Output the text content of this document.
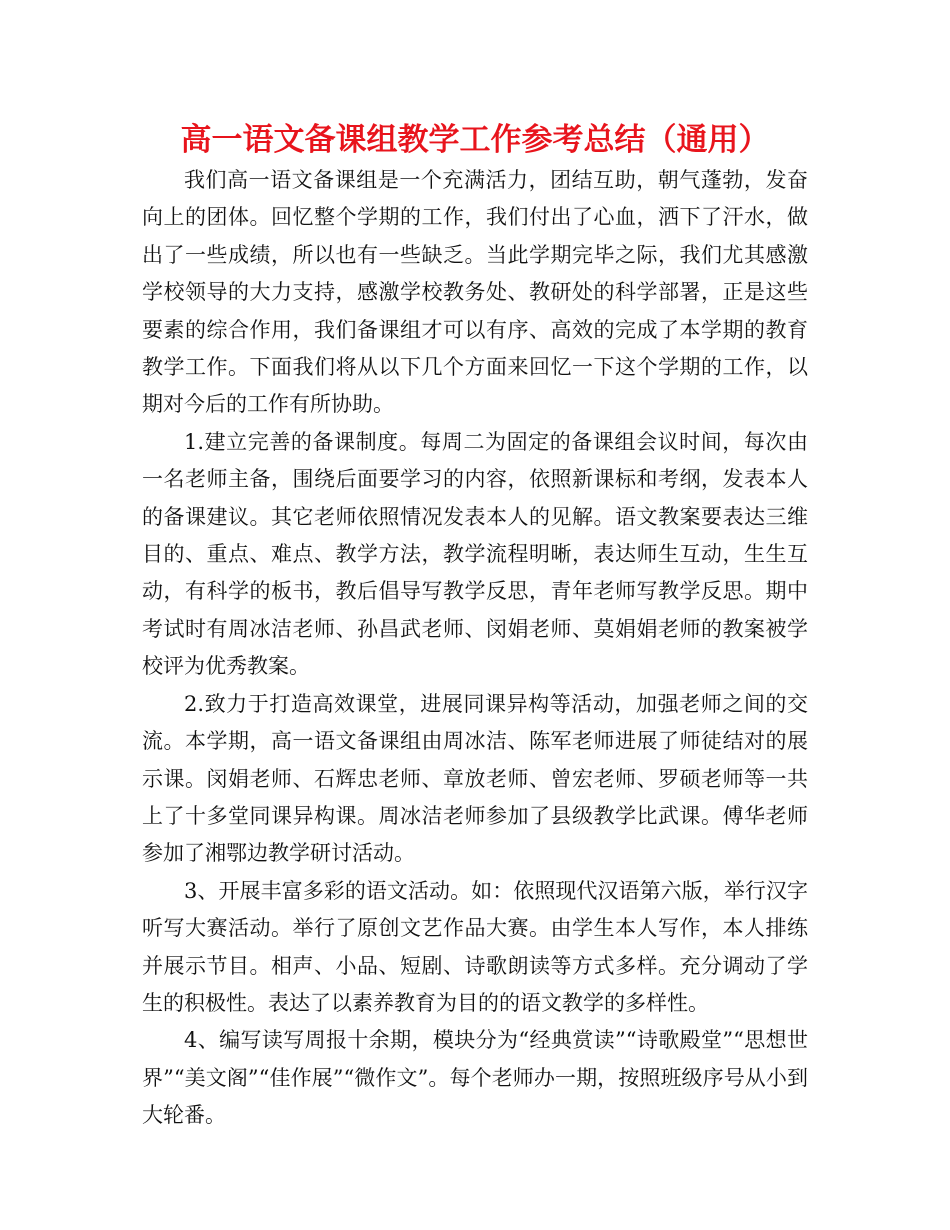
高一语文备课组教学工作参考总结（通用）

我们高一语文备课组是一个充满活力，团结互助，朝气蓬勃，发奋向上的团体。回忆整个学期的工作，我们付出了心血，洒下了汗水，做出了一些成绩，所以也有一些缺乏。当此学期完毕之际，我们尤其感激学校领导的大力支持，感激学校教务处、教研处的科学部署，正是这些要素的综合作用，我们备课组才可以有序、高效的完成了本学期的教育教学工作。下面我们将从以下几个方面来回忆一下这个学期的工作，以期对今后的工作有所协助。

1.建立完善的备课制度。每周二为固定的备课组会议时间，每次由一名老师主备，围绕后面要学习的内容，依照新课标和考纲，发表本人的备课建议。其它老师依照情况发表本人的见解。语文教案要表达三维目的、重点、难点、教学方法，教学流程明晰，表达师生互动，生生互动，有科学的板书，教后倡导写教学反思，青年老师写教学反思。期中考试时有周冰洁老师、孙昌武老师、闵娟老师、莫娟娟老师的教案被学校评为优秀教案。

2.致力于打造高效课堂，进展同课异构等活动，加强老师之间的交流。本学期，高一语文备课组由周冰洁、陈军老师进展了师徒结对的展示课。闵娟老师、石辉忠老师、章放老师、曾宏老师、罗硕老师等一共上了十多堂同课异构课。周冰洁老师参加了县级教学比武课。傅华老师参加了湘鄂边教学研讨活动。

3、开展丰富多彩的语文活动。如：依照现代汉语第六版，举行汉字听写大赛活动。举行了原创文艺作品大赛。由学生本人写作，本人排练并展示节目。相声、小品、短剧、诗歌朗读等方式多样。充分调动了学生的积极性。表达了以素养教育为目的的语文教学的多样性。

4、编写读写周报十余期，模块分为“经典赏读”“诗歌殿堂”“思想世界”“美文阁”“佳作展”“微作文”。每个老师办一期，按照班级序号从小到大轮番。
